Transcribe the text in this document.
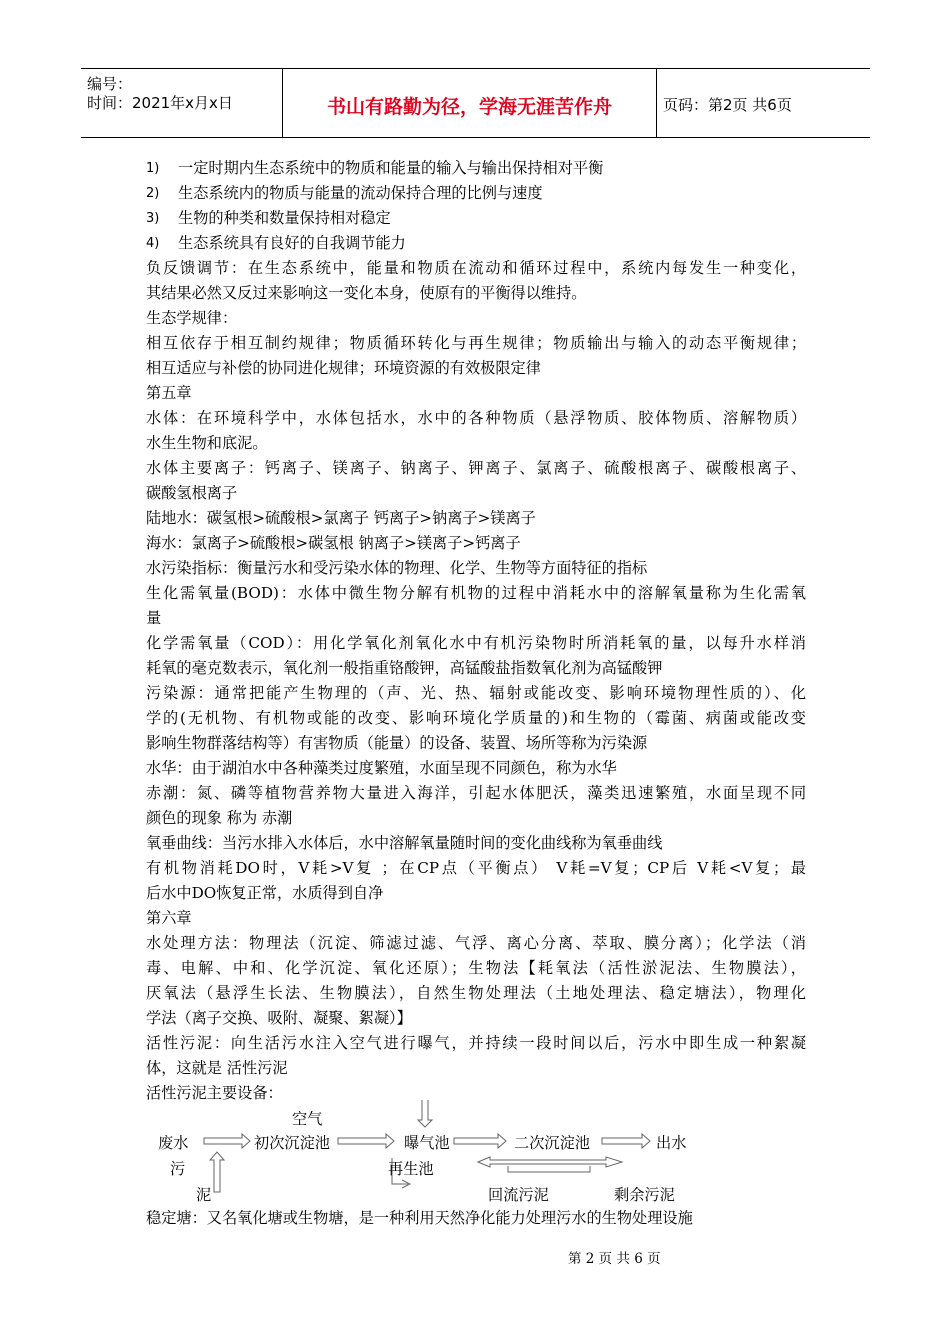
编号：
时间：2021年x月x日	书山有路勤为径，学海无涯苦作舟	页码：第2页 共6页
1) 一定时期内生态系统中的物质和能量的输入与输出保持相对平衡
2) 生态系统内的物质与能量的流动保持合理的比例与速度
3) 生物的种类和数量保持相对稳定
4) 生态系统具有良好的自我调节能力
负反馈调节：在生态系统中，能量和物质在流动和循环过程中，系统内每发生一种变化，
其结果必然又反过来影响这一变化本身，使原有的平衡得以维持。
生态学规律：
相互依存于相互制约规律；物质循环转化与再生规律；物质输出与输入的动态平衡规律；
相互适应与补偿的协同进化规律；环境资源的有效极限定律
第五章
水体：在环境科学中，水体包括水，水中的各种物质（悬浮物质、胶体物质、溶解物质）
水生生物和底泥。
水体主要离子：钙离子、镁离子、钠离子、钾离子、氯离子、硫酸根离子、碳酸根离子、
碳酸氢根离子
陆地水：碳氢根>硫酸根>氯离子 钙离子>钠离子>镁离子
海水：氯离子>硫酸根>碳氢根 钠离子>镁离子>钙离子
水污染指标：衡量污水和受污染水体的物理、化学、生物等方面特征的指标
生化需氧量(BOD)：水体中微生物分解有机物的过程中消耗水中的溶解氧量称为生化需氧
量
化学需氧量（COD）：用化学氧化剂氧化水中有机污染物时所消耗氧的量，以每升水样消
耗氧的毫克数表示，氧化剂一般指重铬酸钾，高锰酸盐指数氧化剂为高锰酸钾
污染源：通常把能产生物理的（声、光、热、辐射或能改变、影响环境物理性质的）、化
学的(无机物、有机物或能的改变、影响环境化学质量的)和生物的（霉菌、病菌或能改变
影响生物群落结构等）有害物质（能量）的设备、装置、场所等称为污染源
水华：由于湖泊水中各种藻类过度繁殖，水面呈现不同颜色，称为水华
赤潮：氮、磷等植物营养物大量进入海洋，引起水体肥沃，藻类迅速繁殖，水面呈现不同
颜色的现象 称为 赤潮
氧垂曲线：当污水排入水体后，水中溶解氧量随时间的变化曲线称为氧垂曲线
有机物消耗DO时，V耗>V复 ；在CP点（平衡点） V耗=V复；CP后 V耗<V复；最
后水中DO恢复正常，水质得到自净
第六章
水处理方法：物理法（沉淀、筛滤过滤、气浮、离心分离、萃取、膜分离）；化学法（消
毒、电解、中和、化学沉淀、氧化还原）；生物法【耗氧法（活性淤泥法、生物膜法），
厌氧法（悬浮生长法、生物膜法），自然生物处理法（土地处理法、稳定塘法），物理化
学法（离子交换、吸附、凝聚、絮凝）】
活性污泥：向生活污水注入空气进行曝气，并持续一段时间以后，污水中即生成一种絮凝
体，这就是 活性污泥
活性污泥主要设备：
空气
废水	初次沉淀池	曝气池	二次沉淀池	出水
污	再生池
泥	回流污泥	剩余污泥
稳定塘：又名氧化塘或生物塘，是一种利用天然净化能力处理污水的生物处理设施
第 2 页 共 6 页
